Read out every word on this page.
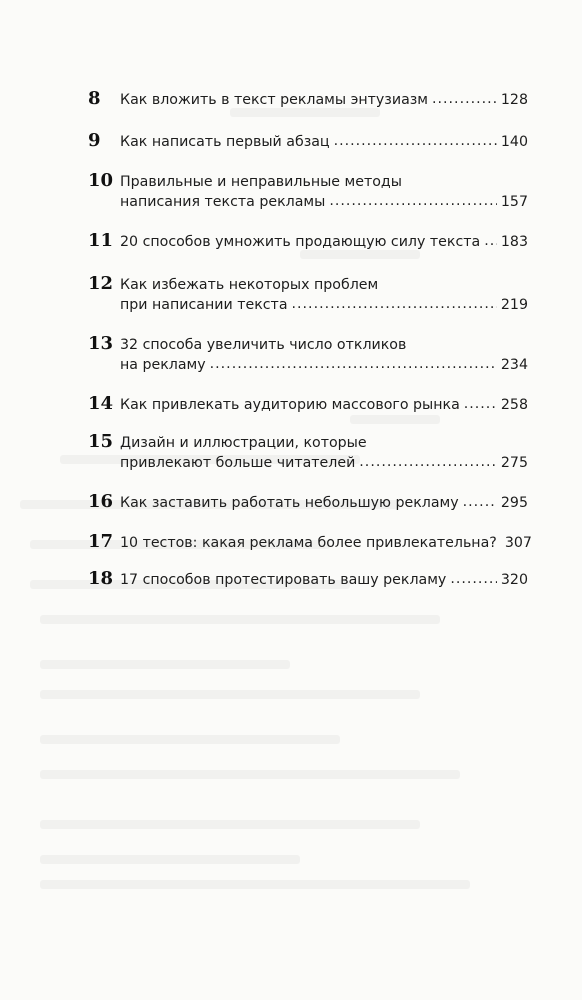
8	Как вложить в текст рекламы энтузиазм .....	128
9	Как написать первый абзац .....	140
10 Правильные и неправильные методы
написания текста рекламы .....	157
11 20 способов умножить продающую силу текста ..... 183
12 Как избежать некоторых проблем
при написании текста .....	219
13 32 способа увеличить число откликов
на рекламу .....	234
14 Как привлекать аудиторию массового рынка .....	258
15 Дизайн и иллюстрации, которые
привлекают больше читателей .....	275
16 Как заставить работать небольшую рекламу .....	295
17 10 тестов: какая реклама более привлекательна? 307
18 17 способов протестировать вашу рекламу .....	320
